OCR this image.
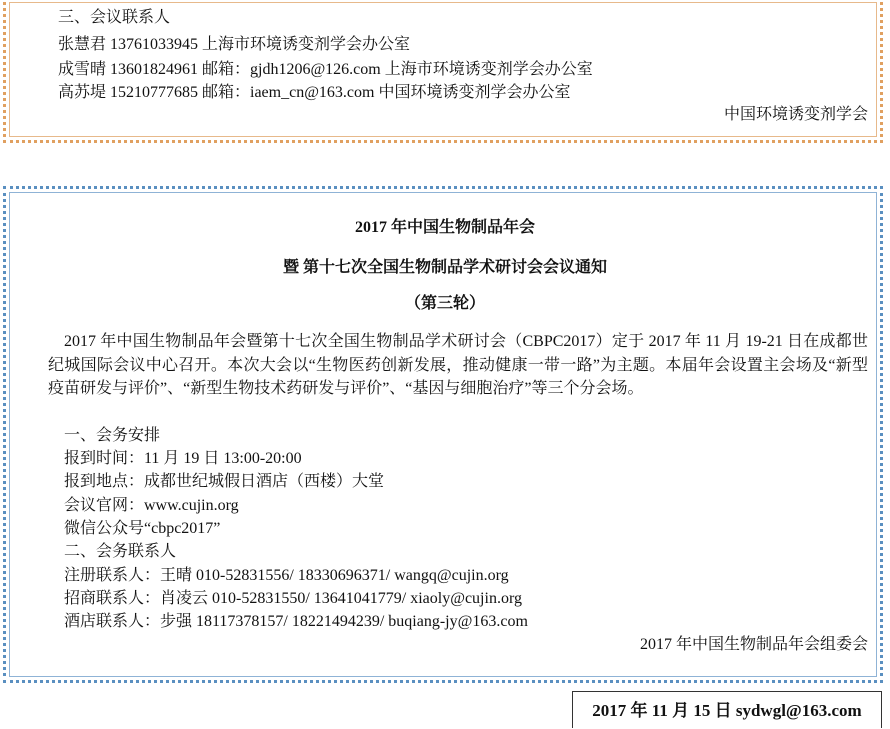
三、会议联系人
张慧君 13761033945 上海市环境诱变剂学会办公室
成雪晴 13601824961 邮箱：gjdh1206@126.com 上海市环境诱变剂学会办公室
高苏堤 15210777685 邮箱：iaem_cn@163.com 中国环境诱变剂学会办公室
中国环境诱变剂学会
2017 年中国生物制品年会
暨 第十七次全国生物制品学术研讨会会议通知
（第三轮）
2017 年中国生物制品年会暨第十七次全国生物制品学术研讨会（CBPC2017）定于 2017 年 11 月 19-21 日在成都世纪城国际会议中心召开。本次大会以“生物医药创新发展，推动健康一带一路”为主题。本届年会设置主会场及“新型疫苗研发与评价”、“新型生物技术药研发与评价”、“基因与细胞治疗”等三个分会场。
一、会务安排
报到时间：11 月 19 日 13:00-20:00
报到地点：成都世纪城假日酒店（西楼）大堂
会议官网：www.cujin.org
微信公众号“cbpc2017”
二、会务联系人
注册联系人：王晴 010-52831556/ 18330696371/ wangq@cujin.org
招商联系人：肖凌云 010-52831550/ 13641041779/ xiaoly@cujin.org
酒店联系人：步强 18117378157/ 18221494239/ buqiang-jy@163.com
2017 年中国生物制品年会组委会
2017 年 11 月 15 日 sydwgl@163.com
